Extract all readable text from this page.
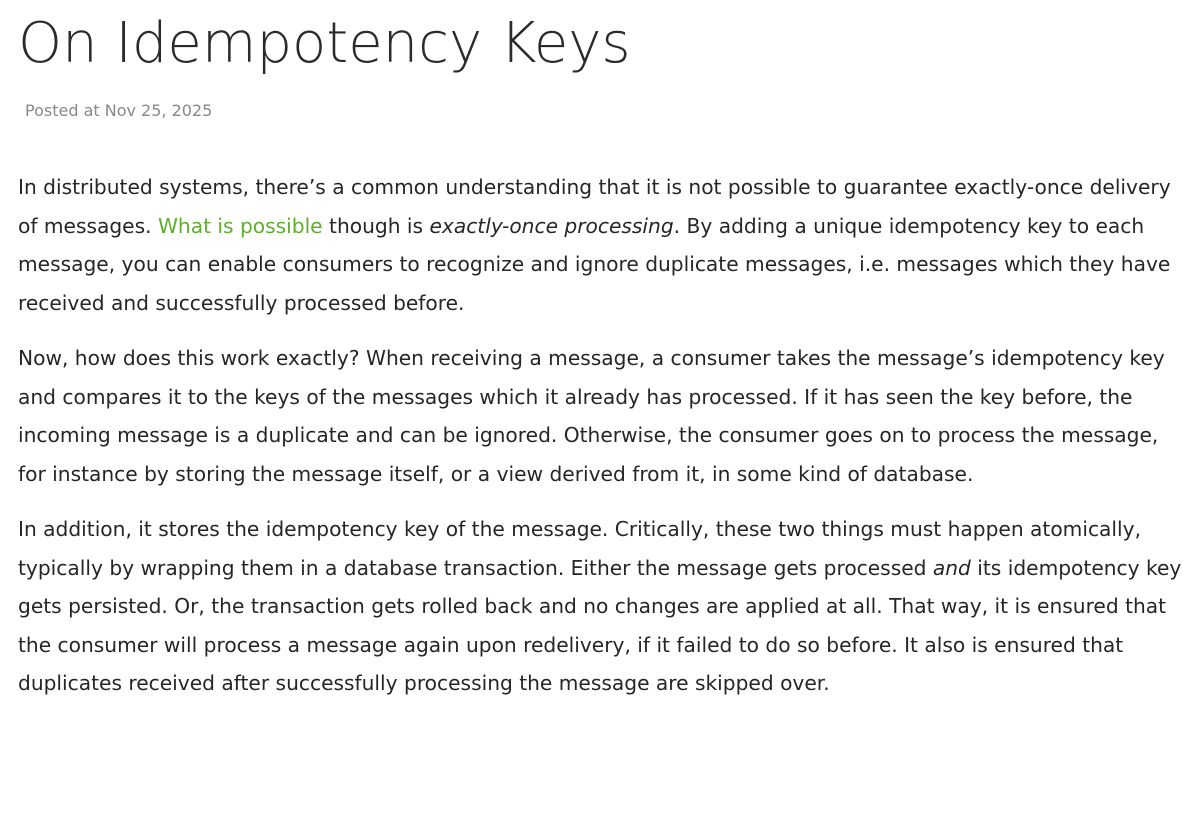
On Idempotency Keys
Posted at Nov 25, 2025

In distributed systems, there’s a common understanding that it is not possible to guarantee exactly-once delivery of messages. What is possible though is exactly-once processing. By adding a unique idempotency key to each message, you can enable consumers to recognize and ignore duplicate messages, i.e. messages which they have received and successfully processed before.

Now, how does this work exactly? When receiving a message, a consumer takes the message’s idempotency key and compares it to the keys of the messages which it already has processed. If it has seen the key before, the incoming message is a duplicate and can be ignored. Otherwise, the consumer goes on to process the message, for instance by storing the message itself, or a view derived from it, in some kind of database.

In addition, it stores the idempotency key of the message. Critically, these two things must happen atomically, typically by wrapping them in a database transaction. Either the message gets processed and its idempotency key gets persisted. Or, the transaction gets rolled back and no changes are applied at all. That way, it is ensured that the consumer will process a message again upon redelivery, if it failed to do so before. It also is ensured that duplicates received after successfully processing the message are skipped over.
